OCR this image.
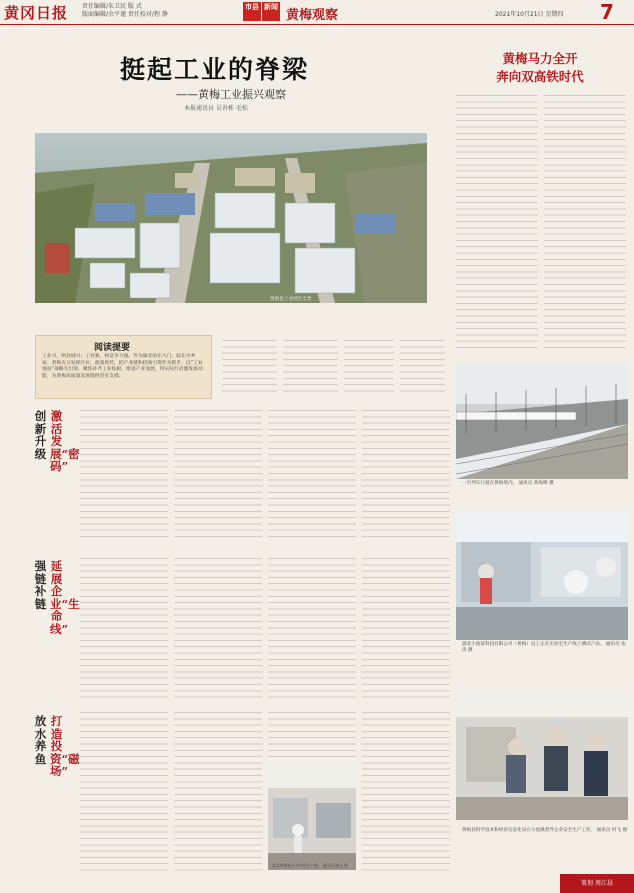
黄冈日报 责任编辑/朱卫民 版 式
版面编辑/余平谨 责任校对/程 静
市县 新闻
黄梅观察	2021年10月21日 星期四 7
挺起工业的脊梁
——黄梅工业振兴观察
本报通讯员 吴善栋 毛松
黄梅马力全开
奔向双高铁时代
黄梅县工业园区全景
阅读提要
工业兴，则县域兴；工业强，则竞争力强。作为湖北的东大门，皖东水乡家、黄梅充分发挥区位、政策优势，把产业链和招商引资作为抓手，以“工业强县”战略为引领，聚焦补齐工业短板，推进产业发展，用实际行动激发新动能，为黄梅高质量发展提供坚实支撑。
创新升级
激活发展“密码”
强链补链
延展企业“生命线”
放水养鱼
打造投资“磁场”
湖北黄梅某企业车间生产线。 通讯员 谢文 摄
一台列车行驶在黄梅境内。 通讯员 蒋海峰 摄
湖北小池某科技有限公司（黄梅）员工正在实验室生产线上测试产品。 通讯员 张涛 摄
黄梅县科学技术和经济信息化局在小池镇督导企业安全生产工作。 通讯员 何飞 摄
策划 周江晨
